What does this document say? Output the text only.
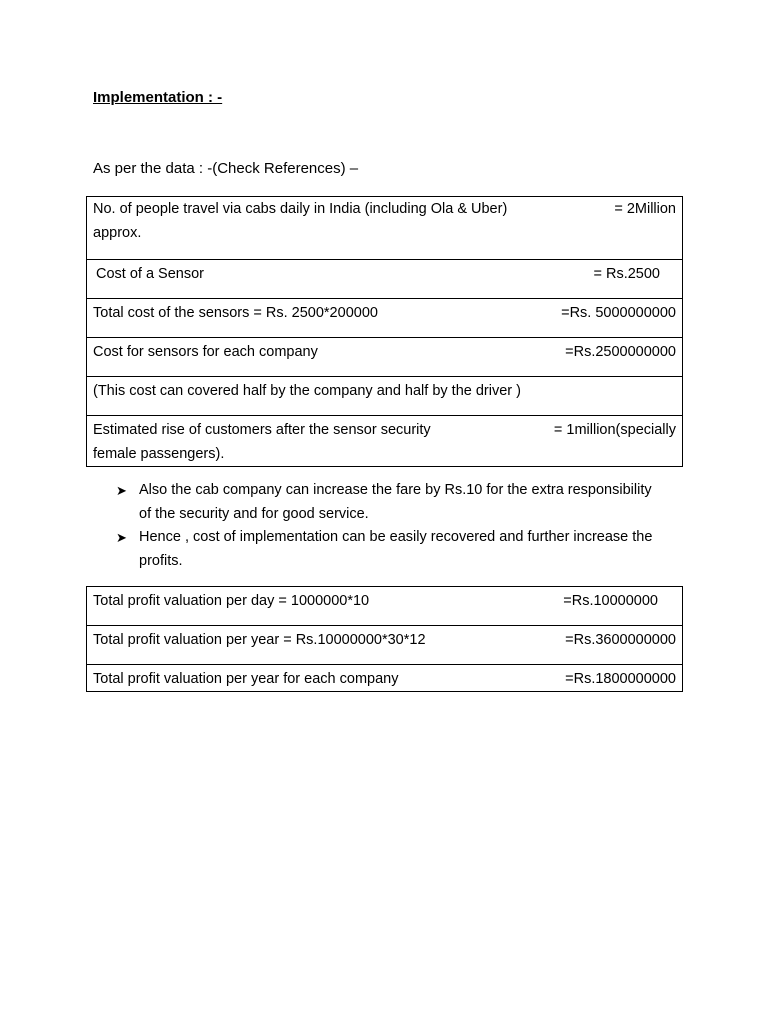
Implementation : -
As per the data : -(Check References) –
No. of people travel via cabs daily in India (including Ola & Uber)	= 2Million
approx.

Cost of a Sensor	= Rs.2500

Total cost of the sensors = Rs. 2500*200000	=Rs. 5000000000

Cost for sensors for each company	=Rs.2500000000

(This cost can covered half by the company and half by the driver )

Estimated rise of customers after the sensor security	= 1million(specially
female passengers).
➤ Also the cab company can increase the fare by Rs.10 for the extra responsibility of the security and for good service.
➤ Hence , cost of implementation can be easily recovered and further increase the profits.
Total profit valuation per day = 1000000*10	=Rs.10000000

Total profit valuation per year = Rs.10000000*30*12	=Rs.3600000000

Total profit valuation per year for each company	=Rs.1800000000
